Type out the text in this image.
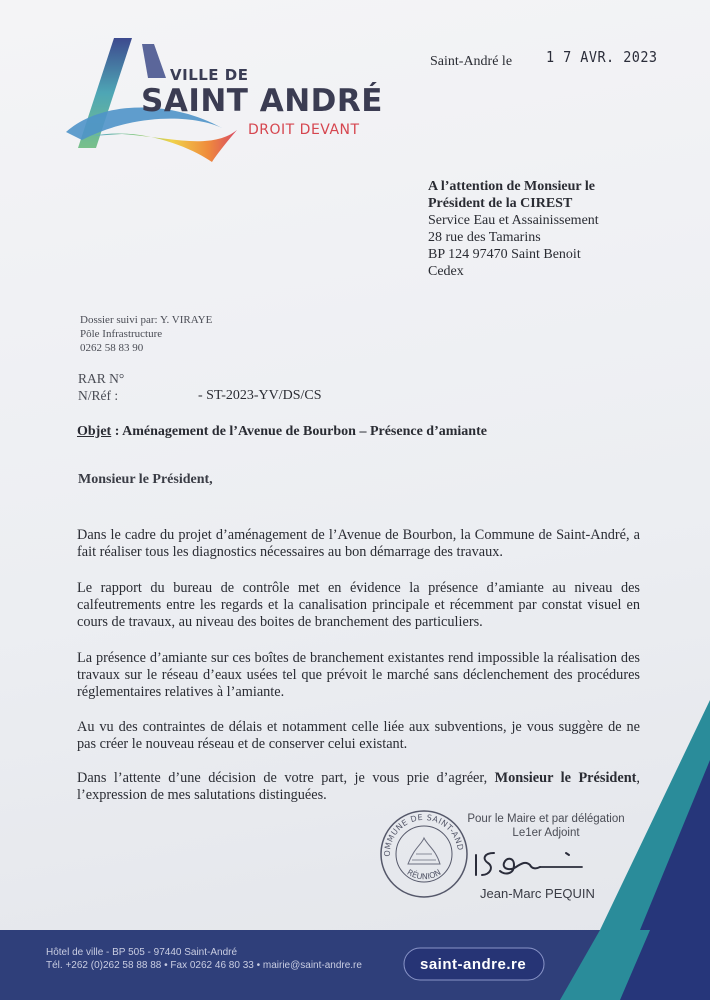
VILLE DE
SAINT ANDRÉ
DROIT DEVANT
Saint-André le 1 7 AVR. 2023
A l’attention de Monsieur le
Président de la CIREST
Service Eau et Assainissement
28 rue des Tamarins
BP 124 97470 Saint Benoit
Cedex
Dossier suivi par: Y. VIRAYE
Pôle Infrastructure
0262 58 83 90
RAR N°
N/Réf :	- ST-2023-YV/DS/CS
Objet : Aménagement de l’Avenue de Bourbon – Présence d’amiante
Monsieur le Président,
Dans le cadre du projet d’aménagement de l’Avenue de Bourbon, la Commune de Saint-André, a fait réaliser tous les diagnostics nécessaires au bon démarrage des travaux.
Le rapport du bureau de contrôle met en évidence la présence d’amiante au niveau des calfeutrements entre les regards et la canalisation principale et récemment par constat visuel en cours de travaux, au niveau des boites de branchement des particuliers.
La présence d’amiante sur ces boîtes de branchement existantes rend impossible la réalisation des travaux sur le réseau d’eaux usées tel que prévoit le marché sans déclenchement des procédures réglementaires relatives à l’amiante.
Au vu des contraintes de délais et notamment celle liée aux subventions, je vous suggère de ne pas créer le nouveau réseau et de conserver celui existant.
Dans l’attente d’une décision de votre part, je vous prie d’agréer, Monsieur le Président, l’expression de mes salutations distinguées.
Pour le Maire et par délégation
Le1er Adjoint
OMMUNE DE SAINT-AND
RÉUNION
Jean-Marc PEQUIN
Hôtel de ville - BP 505 - 97440 Saint-André
Tél. +262 (0)262 58 88 88 • Fax 0262 46 80 33 • mairie@saint-andre.re	saint-andre.re
